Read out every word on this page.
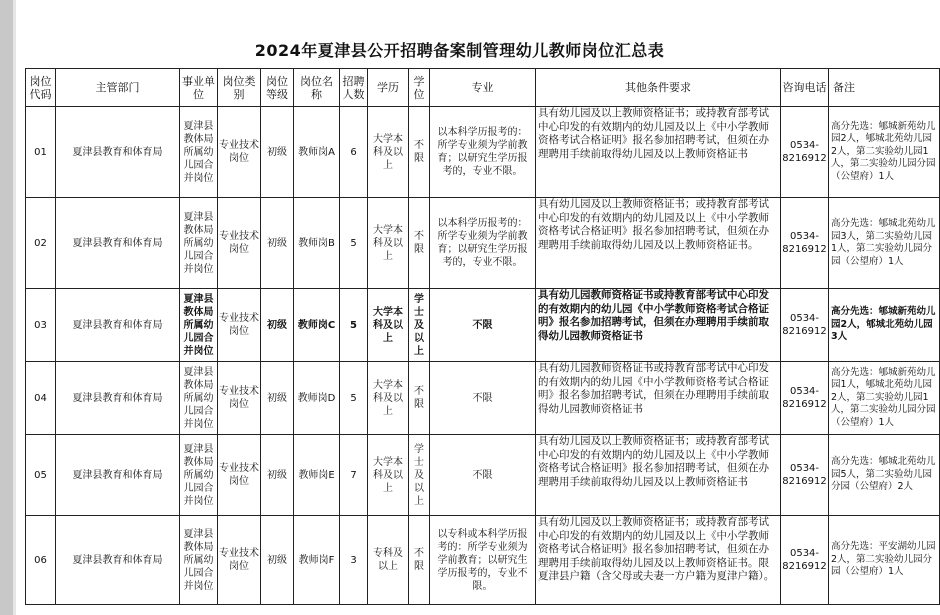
2024年夏津县公开招聘备案制管理幼儿教师岗位汇总表
岗位代码	主管部门	事业单位	岗位类别	岗位等级	岗位名称	招聘人数	学历	学位	专业	其他条件要求	咨询电话	备注
01	夏津县教育和体育局	夏津县教体局所属幼儿园合并岗位	专业技术岗位	初级	教师岗A	6	大学本科及以上	不限	以本科学历报考的：所学专业须为学前教育；以研究生学历报考的，专业不限。	具有幼儿园及以上教师资格证书；或持教育部考试中心印发的有效期内的幼儿园及以上《中小学教师资格考试合格证明》报名参加招聘考试，但须在办理聘用手续前取得幼儿园及以上教师资格证书	0534-8216912	高分先选：郇城新苑幼儿园2人，郇城北苑幼儿园2人，第二实验幼儿园1人，第二实验幼儿园分园（公望府）1人
02	夏津县教育和体育局	夏津县教体局所属幼儿园合并岗位	专业技术岗位	初级	教师岗B	5	大学本科及以上	不限	以本科学历报考的：所学专业须为学前教育；以研究生学历报考的，专业不限。	具有幼儿园及以上教师资格证书；或持教育部考试中心印发的有效期内的幼儿园及以上《中小学教师资格考试合格证明》报名参加招聘考试，但须在办理聘用手续前取得幼儿园及以上教师资格证书。	0534-8216912	高分先选：郇城北苑幼儿园3人，第二实验幼儿园1人，第二实验幼儿园分园（公望府）1人
03	夏津县教育和体育局	夏津县教体局所属幼儿园合并岗位	专业技术岗位	初级	教师岗C	5	大学本科及以上	学士及以上	不限	具有幼儿园教师资格证书或持教育部考试中心印发的有效期内的幼儿园《中小学教师资格考试合格证明》报名参加招聘考试，但须在办理聘用手续前取得幼儿园教师资格证书	0534-8216912	高分先选：郇城新苑幼儿园2人，郇城北苑幼儿园3人
04	夏津县教育和体育局	夏津县教体局所属幼儿园合并岗位	专业技术岗位	初级	教师岗D	5	大学本科及以上	不限	不限	具有幼儿园教师资格证书或持教育部考试中心印发的有效期内的幼儿园《中小学教师资格考试合格证明》报名参加招聘考试，但须在办理聘用手续前取得幼儿园教师资格证书	0534-8216912	高分先选：郇城新苑幼儿园1人，郇城北苑幼儿园2人，第二实验幼儿园1人，第二实验幼儿园分园（公望府）1人
05	夏津县教育和体育局	夏津县教体局所属幼儿园合并岗位	专业技术岗位	初级	教师岗E	7	大学本科及以上	学士及以上	不限	具有幼儿园及以上教师资格证书；或持教育部考试中心印发的有效期内的幼儿园及以上《中小学教师资格考试合格证明》报名参加招聘考试，但须在办理聘用手续前取得幼儿园及以上教师资格证书	0534-8216912	高分先选：郇城北苑幼儿园5人，第二实验幼儿园分园（公望府）2人
06	夏津县教育和体育局	夏津县教体局所属幼儿园合并岗位	专业技术岗位	初级	教师岗F	3	专科及以上	不限	以专科或本科学历报考的：所学专业须为学前教育；以研究生学历报考的，专业不限。	具有幼儿园及以上教师资格证书；或持教育部考试中心印发的有效期内的幼儿园及以上《中小学教师资格考试合格证明》报名参加招聘考试，但须在办理聘用手续前取得幼儿园及以上教师资格证书。限夏津县户籍（含父母或夫妻一方户籍为夏津户籍）。	0534-8216912	高分先选：平安湖幼儿园2人，第二实验幼儿园分园（公望府）1人
